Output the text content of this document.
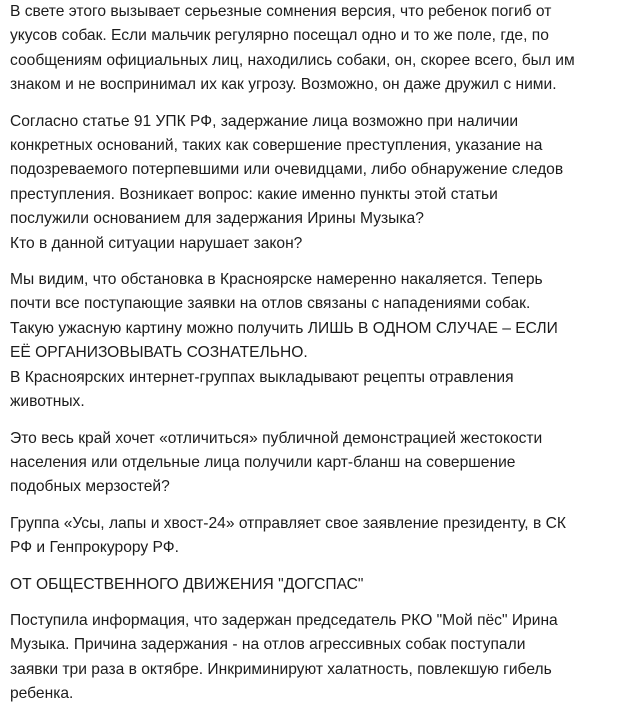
В свете этого вызывает серьезные сомнения версия, что ребенок погиб от
укусов собак. Если мальчик регулярно посещал одно и то же поле, где, по
сообщениям официальных лиц, находились собаки, он, скорее всего, был им
знаком и не воспринимал их как угрозу. Возможно, он даже дружил с ними.

Согласно статье 91 УПК РФ, задержание лица возможно при наличии
конкретных оснований, таких как совершение преступления, указание на
подозреваемого потерпевшими или очевидцами, либо обнаружение следов
преступления. Возникает вопрос: какие именно пункты этой статьи
послужили основанием для задержания Ирины Музыка?
Кто в данной ситуации нарушает закон?

Мы видим, что обстановка в Красноярске намеренно накаляется. Теперь
почти все поступающие заявки на отлов связаны с нападениями собак.
Такую ужасную картину можно получить ЛИШЬ В ОДНОМ СЛУЧАЕ – ЕСЛИ
ЕЁ ОРГАНИЗОВЫВАТЬ СОЗНАТЕЛЬНО.
В Красноярских интернет-группах выкладывают рецепты отравления
животных.

Это весь край хочет «отличиться» публичной демонстрацией жестокости
населения или отдельные лица получили карт-бланш на совершение
подобных мерзостей?

Группа «Усы, лапы и хвост-24» отправляет свое заявление президенту, в СК
РФ и Генпрокурору РФ.

ОТ ОБЩЕСТВЕННОГО ДВИЖЕНИЯ "ДОГСПАС"

Поступила информация, что задержан председатель РКО "Мой пёс" Ирина
Музыка. Причина задержания - на отлов агрессивных собак поступали
заявки три раза в октябре. Инкриминируют халатность, повлекшую гибель
ребенка.
